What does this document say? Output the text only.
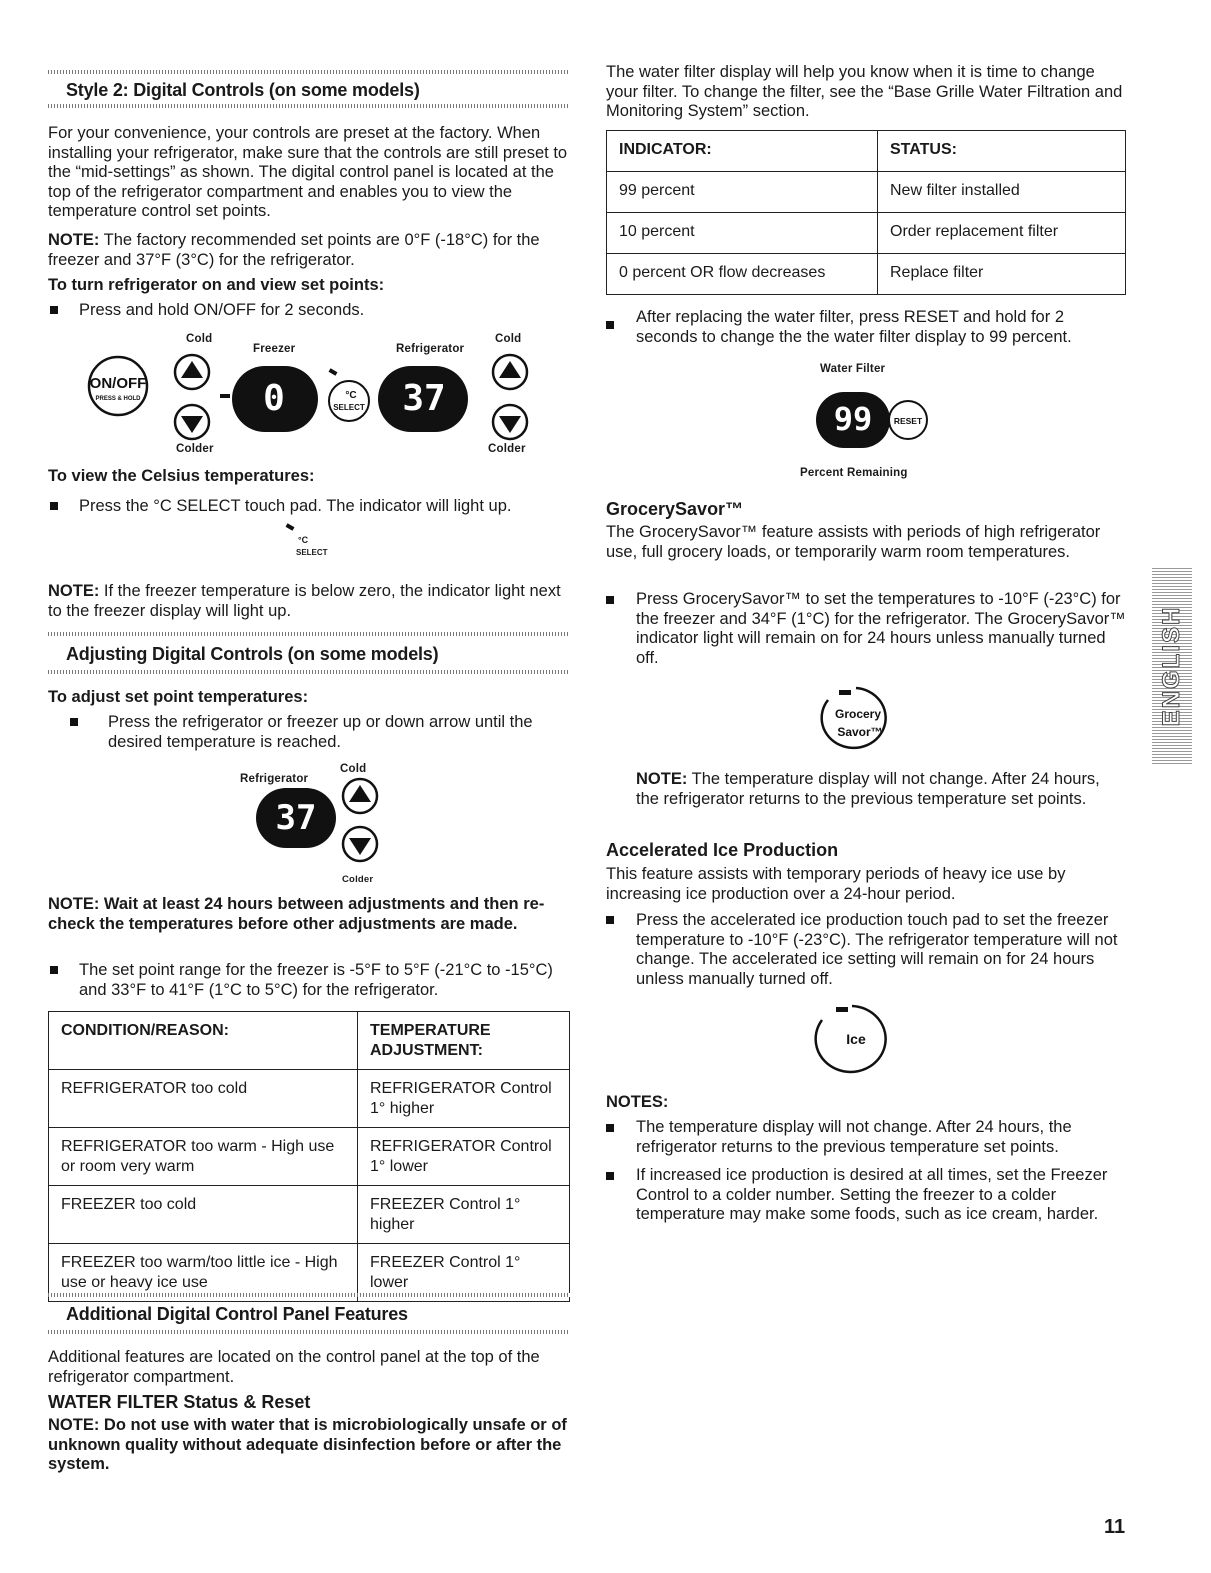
Style 2: Digital Controls (on some models)

For your convenience, your controls are preset at the factory. When installing your refrigerator, make sure that the controls are still preset to the “mid-settings” as shown. The digital control panel is located at the top of the refrigerator compartment and enables you to view the temperature control set points.

NOTE: The factory recommended set points are 0°F (-18°C) for the freezer and 37°F (3°C) for the refrigerator.

To turn refrigerator on and view set points:

Press and hold ON/OFF for 2 seconds.

Cold
Freezer	Refrigerator
Cold
ON/OFF
PRESS & HOLD	0	°C
SELECT 37
Colder	Colder

To view the Celsius temperatures:

Press the °C SELECT touch pad. The indicator will light up.

°C
SELECT

NOTE: If the freezer temperature is below zero, the indicator light next to the freezer display will light up.

Adjusting Digital Controls (on some models)

To adjust set point temperatures:

Press the refrigerator or freezer up or down arrow until the desired temperature is reached.

Refrigerator
Cold
37
Colder

NOTE: Wait at least 24 hours between adjustments and then re-check the temperatures before other adjustments are made.

The set point range for the freezer is -5°F to 5°F (-21°C to -15°C) and 33°F to 41°F (1°C to 5°C) for the refrigerator.

CONDITION/REASON:	TEMPERATURE ADJUSTMENT:
REFRIGERATOR too cold	REFRIGERATOR Control 1° higher
REFRIGERATOR too warm - High use or room very warm	REFRIGERATOR Control 1° lower
FREEZER too cold	FREEZER Control 1° higher
FREEZER too warm/too little ice - High use or heavy ice use	FREEZER Control 1° lower
Additional Digital Control Panel Features

Additional features are located on the control panel at the top of the refrigerator compartment.

WATER FILTER Status & Reset

NOTE: Do not use with water that is microbiologically unsafe or of unknown quality without adequate disinfection before or after the system.

The water filter display will help you know when it is time to change your filter. To change the filter, see the “Base Grille Water Filtration and Monitoring System” section.

INDICATOR:	STATUS:
99 percent	New filter installed
10 percent	Order replacement filter
0 percent OR flow decreases	Replace filter

After replacing the water filter, press RESET and hold for 2 seconds to change the the water filter display to 99 percent.

Water Filter
99	RESET
Percent Remaining

GrocerySavor™

The GrocerySavor™ feature assists with periods of high refrigerator use, full grocery loads, or temporarily warm room temperatures.

Press GrocerySavor™ to set the temperatures to -10°F (-23°C) for the freezer and 34°F (1°C) for the refrigerator. The GrocerySavor™ indicator light will remain on for 24 hours unless manually turned off.

Grocery
Savor™

NOTE: The temperature display will not change. After 24 hours, the refrigerator returns to the previous temperature set points.

Accelerated Ice Production

This feature assists with temporary periods of heavy ice use by increasing ice production over a 24-hour period.

Press the accelerated ice production touch pad to set the freezer temperature to -10°F (-23°C). The refrigerator temperature will not change. The accelerated ice setting will remain on for 24 hours unless manually turned off.

Ice

NOTES:

The temperature display will not change. After 24 hours, the refrigerator returns to the previous temperature set points.

If increased ice production is desired at all times, set the Freezer Control to a colder number. Setting the freezer to a colder temperature may make some foods, such as ice cream, harder.

ENGLISH
11
